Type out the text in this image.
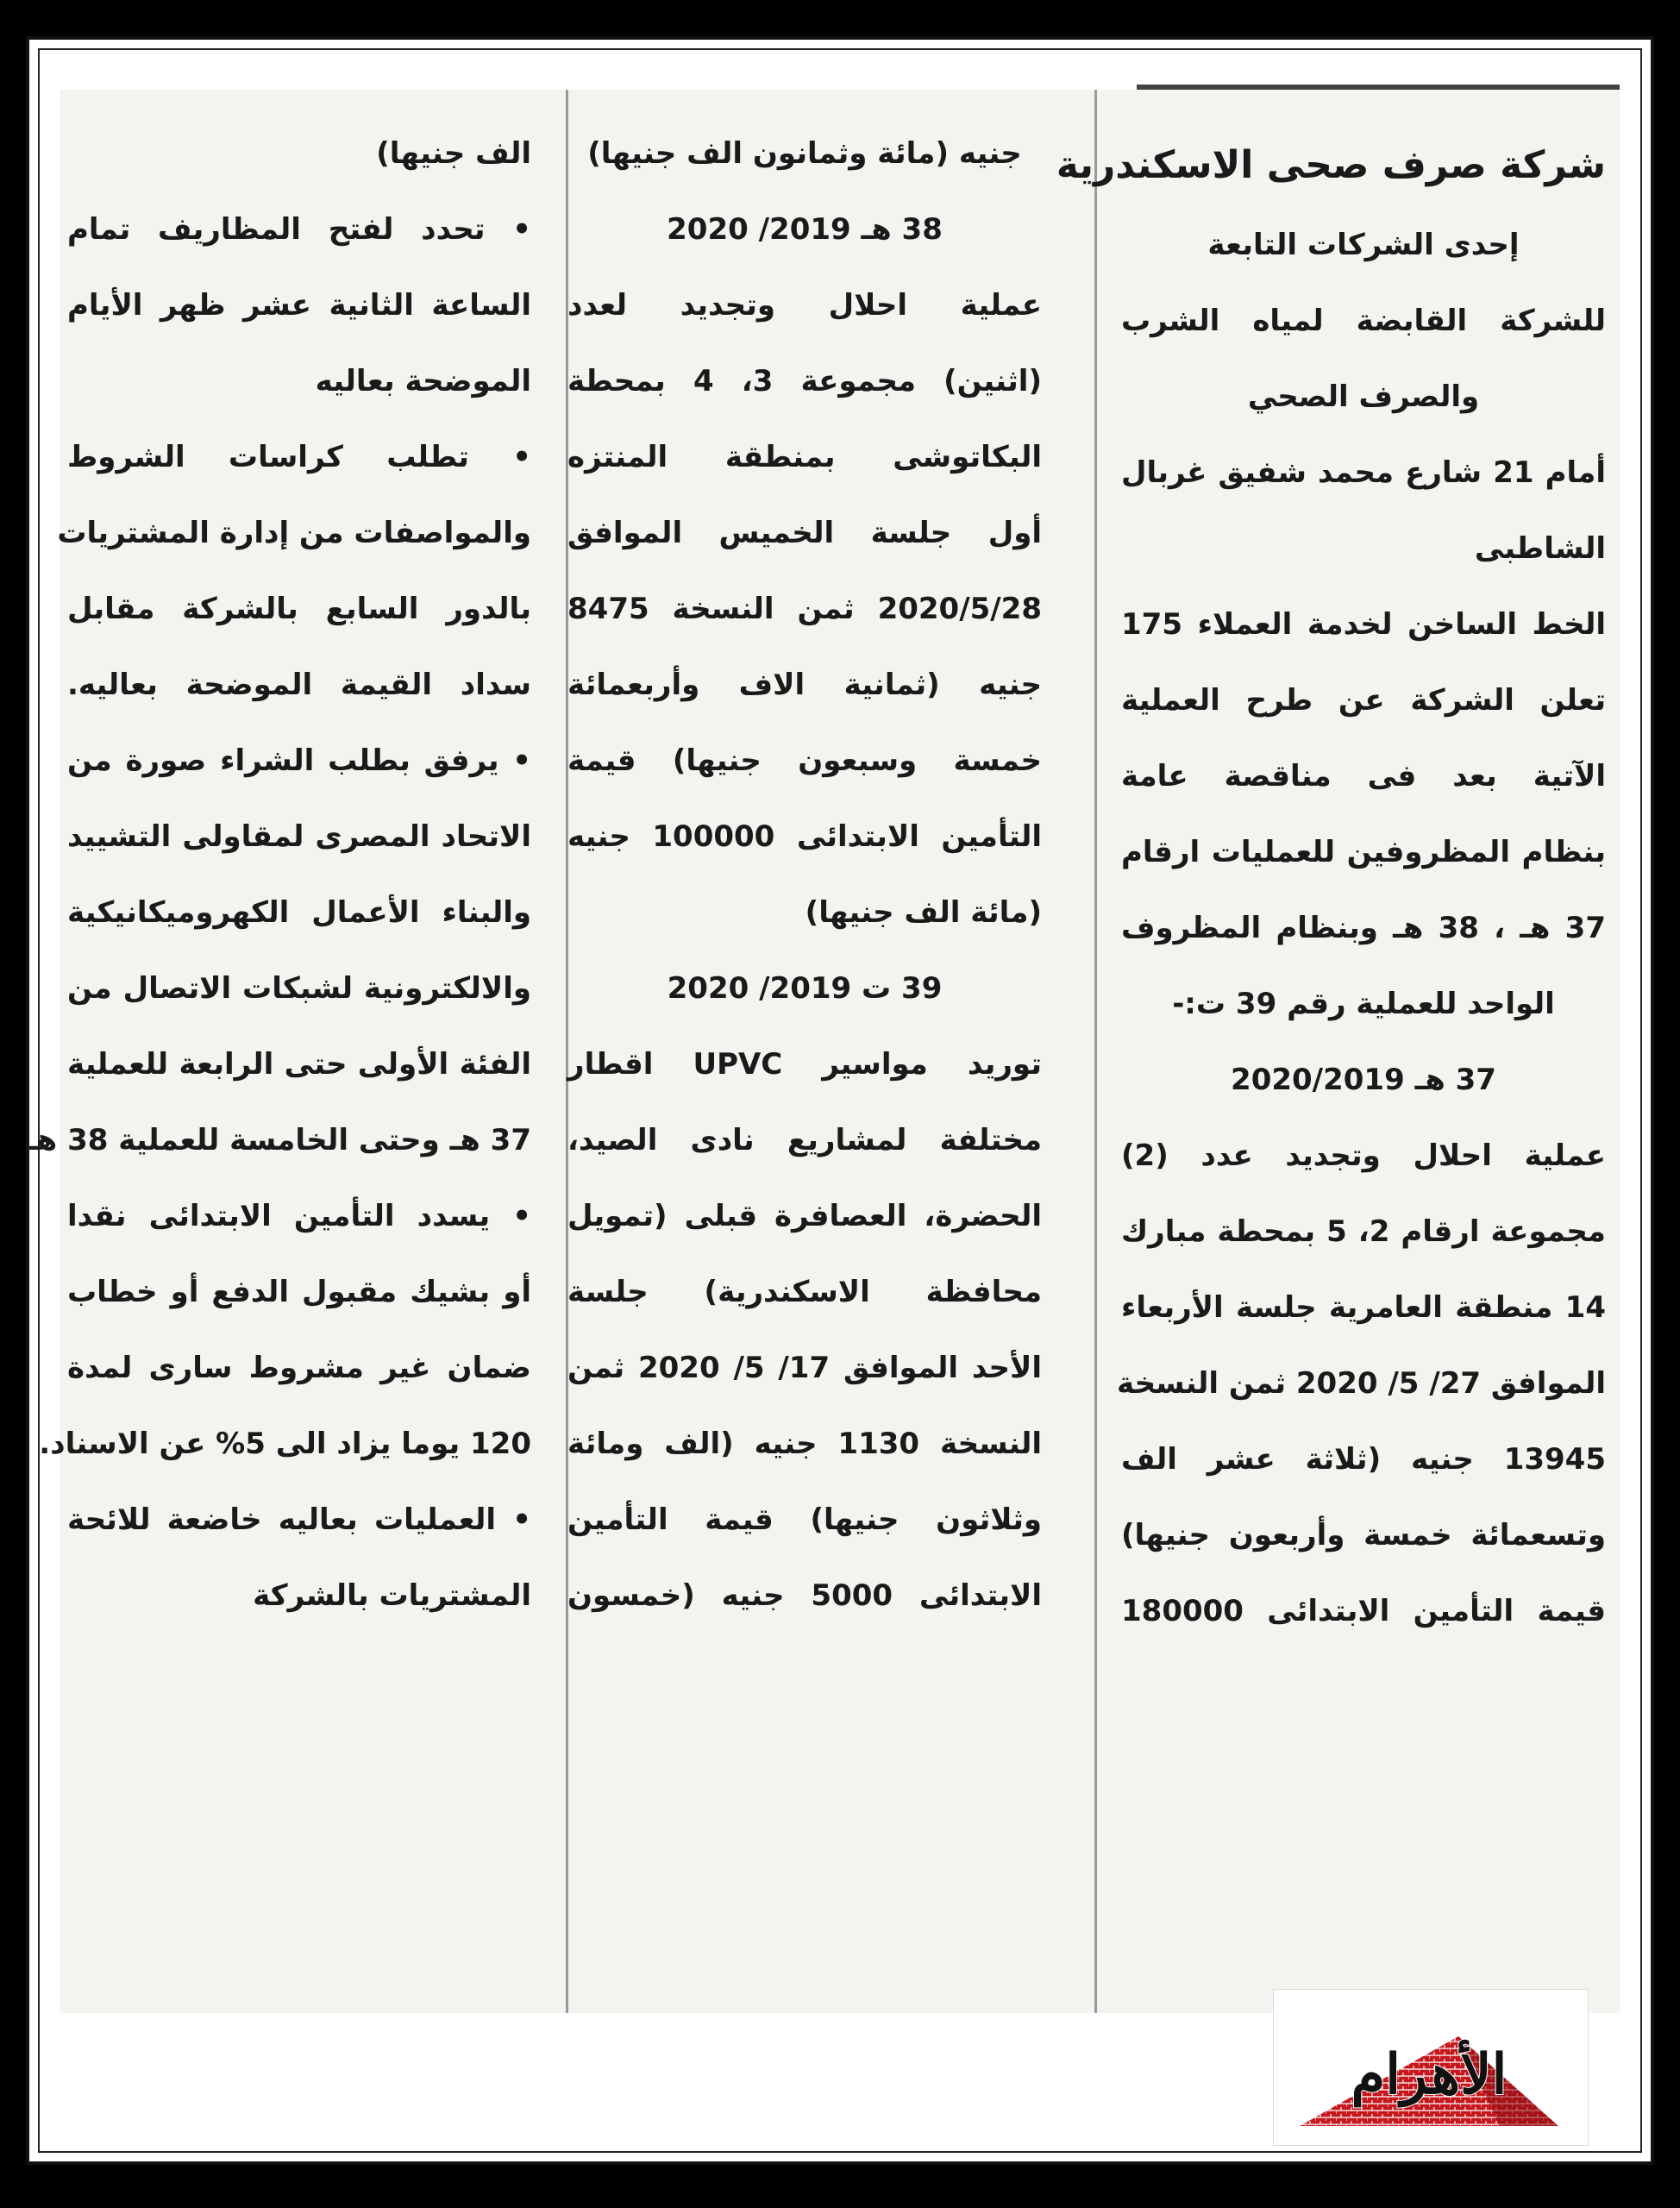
شركة صرف صحى الاسكندرية
إحدى الشركات التابعة
للشركة القابضة لمياه الشرب
والصرف الصحي
أمام 21 شارع محمد شفيق غربال
الشاطبى
الخط الساخن لخدمة العملاء 175
تعلن الشركة عن طرح العملية
الآتية بعد فى مناقصة عامة
بنظام المظروفين للعمليات ارقام
37 هـ ، 38 هـ وبنظام المظروف
الواحد للعملية رقم 39 ت:-
37 هـ 2020/2019
عملية احلال وتجديد عدد (2)
مجموعة ارقام 2، 5 بمحطة مبارك
14 منطقة العامرية جلسة الأربعاء
الموافق 27/ 5/ 2020 ثمن النسخة
13945 جنيه (ثلاثة عشر الف
وتسعمائة خمسة وأربعون جنيها)
قيمة التأمين الابتدائى 180000
جنيه (مائة وثمانون الف جنيها)
38 هـ 2019/ 2020
عملية احلال وتجديد لعدد
(اثنين) مجموعة 3، 4 بمحطة
البكاتوشى بمنطقة المنتزه
أول جلسة الخميس الموافق
2020/5/28 ثمن النسخة 8475
جنيه (ثمانية الاف وأربعمائة
خمسة وسبعون جنيها) قيمة
التأمين الابتدائى 100000 جنيه
(مائة الف جنيها)
39 ت 2019/ 2020
توريد مواسير UPVC اقطار
مختلفة لمشاريع نادى الصيد،
الحضرة، العصافرة قبلى (تمويل
محافظة الاسكندرية) جلسة
الأحد الموافق 17/ 5/ 2020 ثمن
النسخة 1130 جنيه (الف ومائة
وثلاثون جنيها) قيمة التأمين
الابتدائى 5000 جنيه (خمسون
الف جنيها)
• تحدد لفتح المظاريف تمام
الساعة الثانية عشر ظهر الأيام
الموضحة بعاليه
• تطلب كراسات الشروط
والمواصفات من إدارة المشتريات
بالدور السابع بالشركة مقابل
سداد القيمة الموضحة بعاليه.
• يرفق بطلب الشراء صورة من
الاتحاد المصرى لمقاولى التشييد
والبناء الأعمال الكهروميكانيكية
والالكترونية لشبكات الاتصال من
الفئة الأولى حتى الرابعة للعملية
37 هـ وحتى الخامسة للعملية 38 هـ
• يسدد التأمين الابتدائى نقدا
أو بشيك مقبول الدفع أو خطاب
ضمان غير مشروط سارى لمدة
120 يوما يزاد الى 5% عن الاسناد.
• العمليات بعاليه خاضعة للائحة
المشتريات بالشركة
الأهرام
